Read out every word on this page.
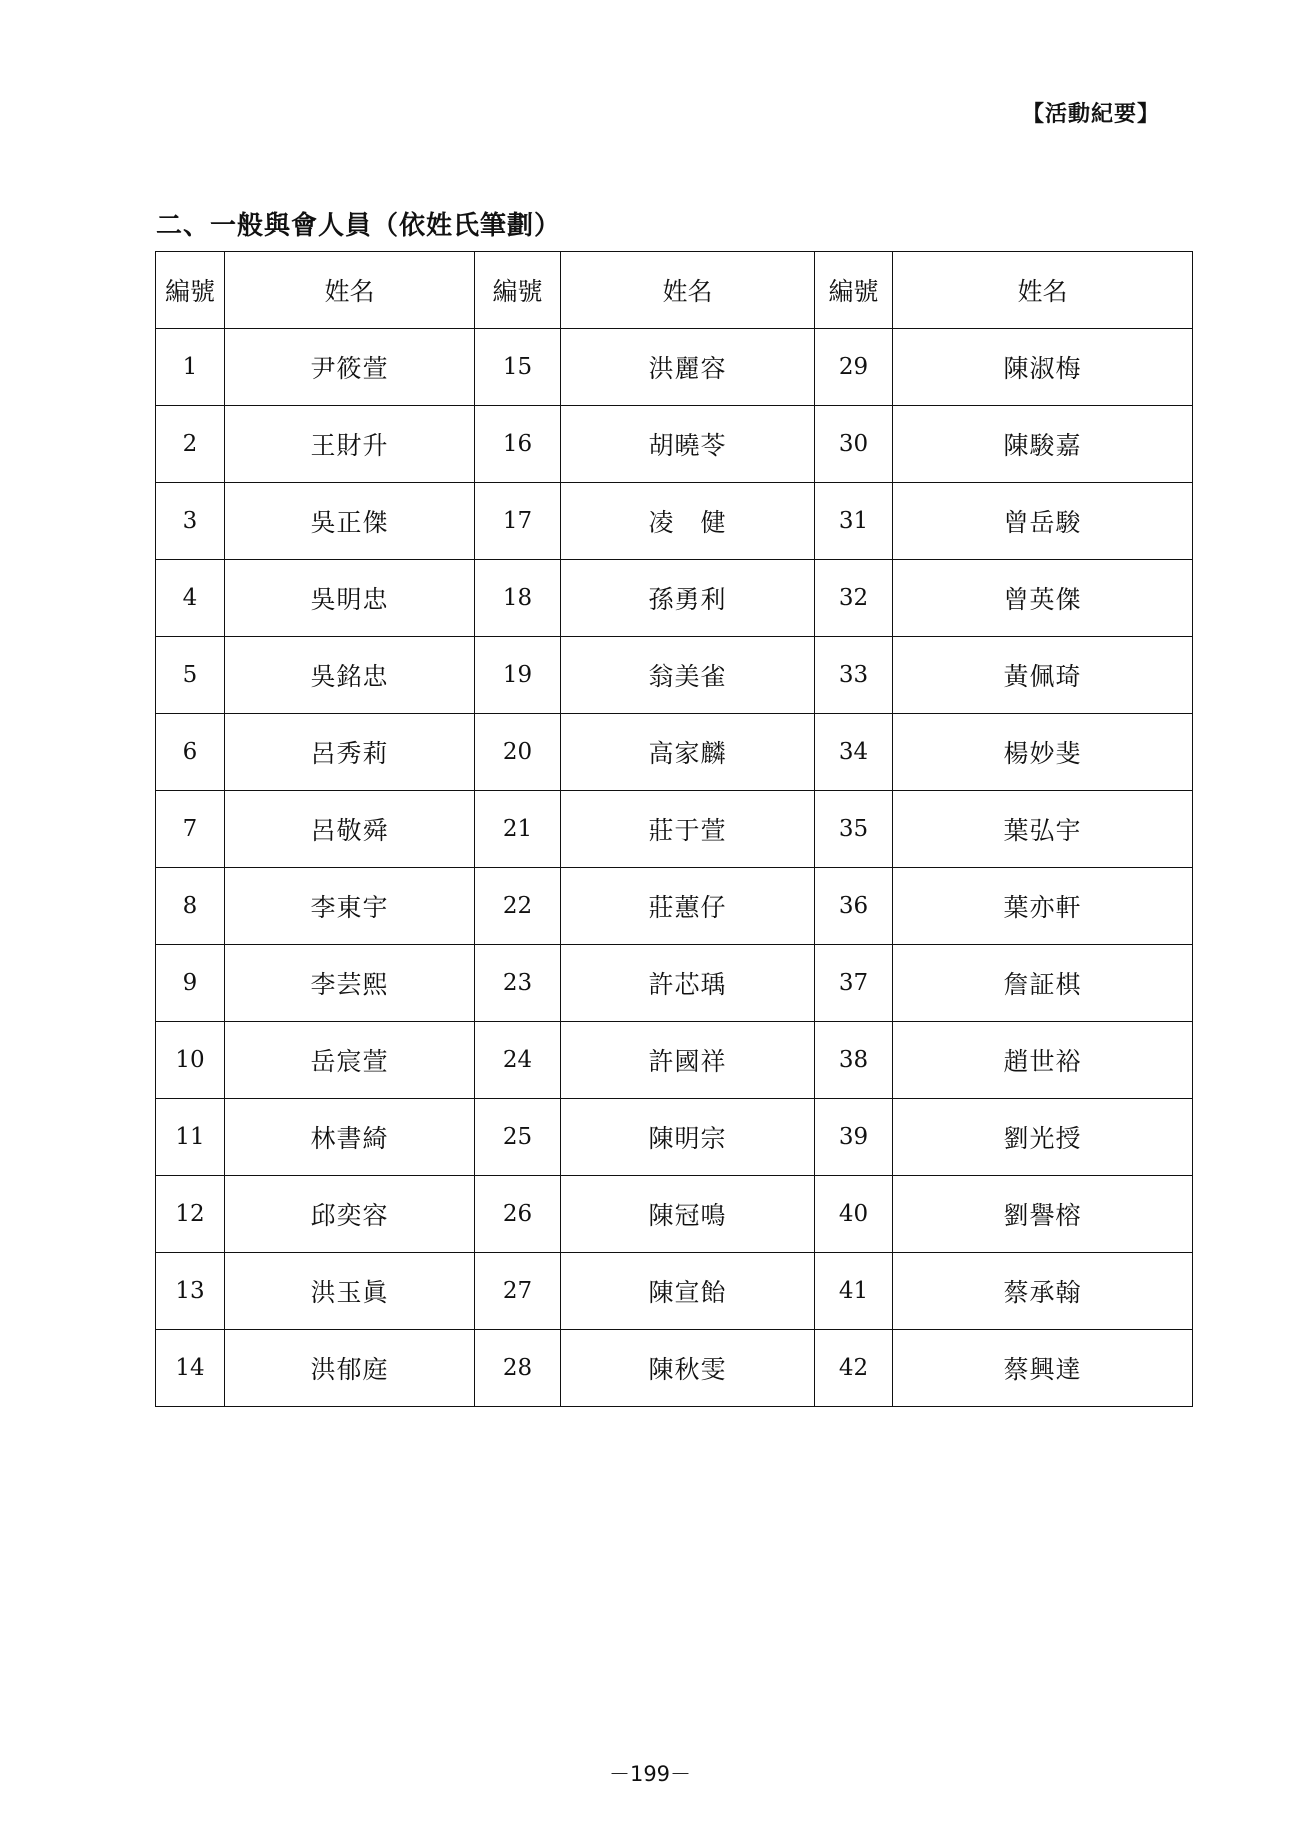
【活動紀要】
二、一般與會人員（依姓氏筆劃）
編號	姓名	編號	姓名	編號	姓名
1	尹筱萱	15	洪麗容	29	陳淑梅
2	王財升	16	胡曉苓	30	陳駿嘉
3	吳正傑	17	凌　健	31	曾岳駿
4	吳明忠	18	孫勇利	32	曾英傑
5	吳銘忠	19	翁美雀	33	黃佩琦
6	呂秀莉	20	高家麟	34	楊妙斐
7	呂敬舜	21	莊于萱	35	葉弘宇
8	李東宇	22	莊蕙仔	36	葉亦軒
9	李芸熙	23	許芯瑀	37	詹証棋
10	岳宸萱	24	許國祥	38	趙世裕
11	林書綺	25	陳明宗	39	劉光授
12	邱奕容	26	陳冠鳴	40	劉譽榕
13	洪玉眞	27	陳宣飴	41	蔡承翰
14	洪郁庭	28	陳秋雯	42	蔡興達
－199－
